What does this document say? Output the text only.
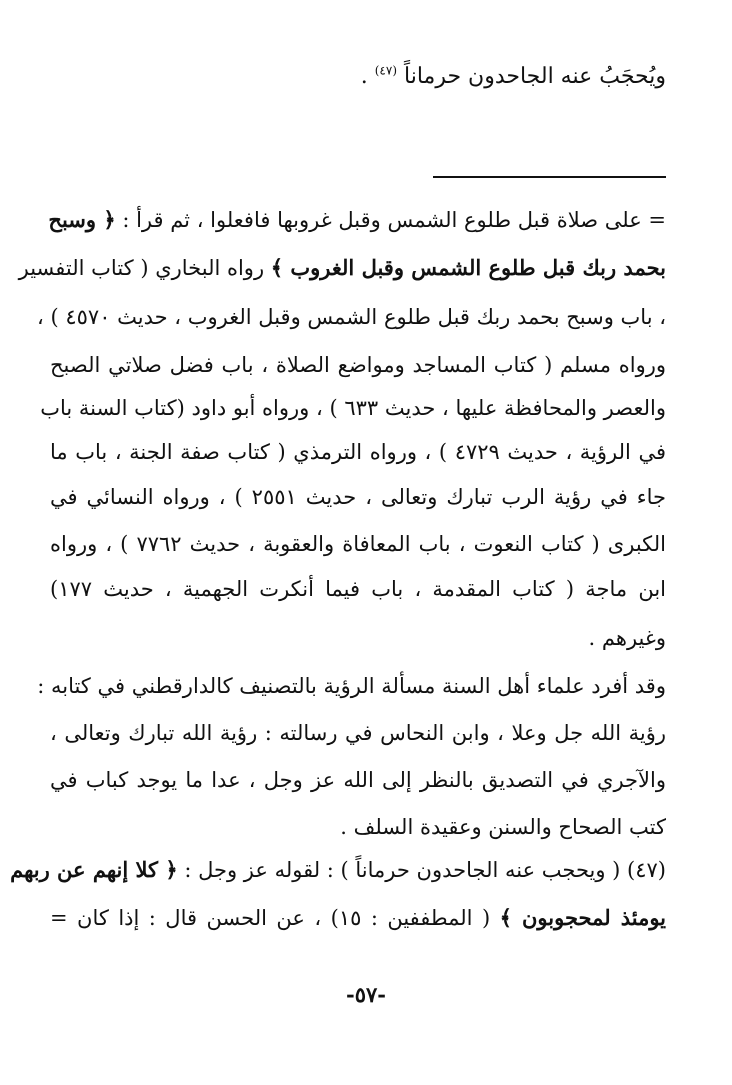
ويُحجَبُ عنه الجاحدون حرماناً $^{(٤٧)}$ .
= على صلاة قبل طلوع الشمس وقبل غروبها فافعلوا ، ثم قرأ : ﴿ وسبح
بحمد ربك قبل طلوع الشمس وقبل الغروب ﴾ رواه البخاري ( كتاب التفسير
، باب وسبح بحمد ربك قبل طلوع الشمس وقبل الغروب ، حديث ٤٥٧٠ ) ،
ورواه مسلم ( كتاب المساجد ومواضع الصلاة ، باب فضل صلاتي الصبح
والعصر والمحافظة عليها ، حديث ٦٣٣ ) ، ورواه أبو داود (كتاب السنة باب
في الرؤية ، حديث ٤٧٢٩ ) ، ورواه الترمذي ( كتاب صفة الجنة ، باب ما
جاء في رؤية الرب تبارك وتعالى ، حديث ٢٥٥١ ) ، ورواه النسائي في
الكبرى ( كتاب النعوت ، باب المعافاة والعقوبة ، حديث ٧٧٦٢ ) ، ورواه
ابن ماجة ( كتاب المقدمة ، باب فيما أنكرت الجهمية ، حديث ١٧٧)
وغيرهم .
وقد أفرد علماء أهل السنة مسألة الرؤية بالتصنيف كالدارقطني في كتابه :
رؤية الله جل وعلا ، وابن النحاس في رسالته : رؤية الله تبارك وتعالى ،
والآجري في التصديق بالنظر إلى الله عز وجل ، عدا ما يوجد كباب في
كتب الصحاح والسنن وعقيدة السلف .
(٤٧) ( ويحجب عنه الجاحدون حرماناً ) : لقوله عز وجل : ﴿ كلا إنهم عن ربهم
يومئذ لمحجوبون ﴾ ( المطففين : ١٥) ، عن الحسن قال : إذا كان =
-٥٧-
